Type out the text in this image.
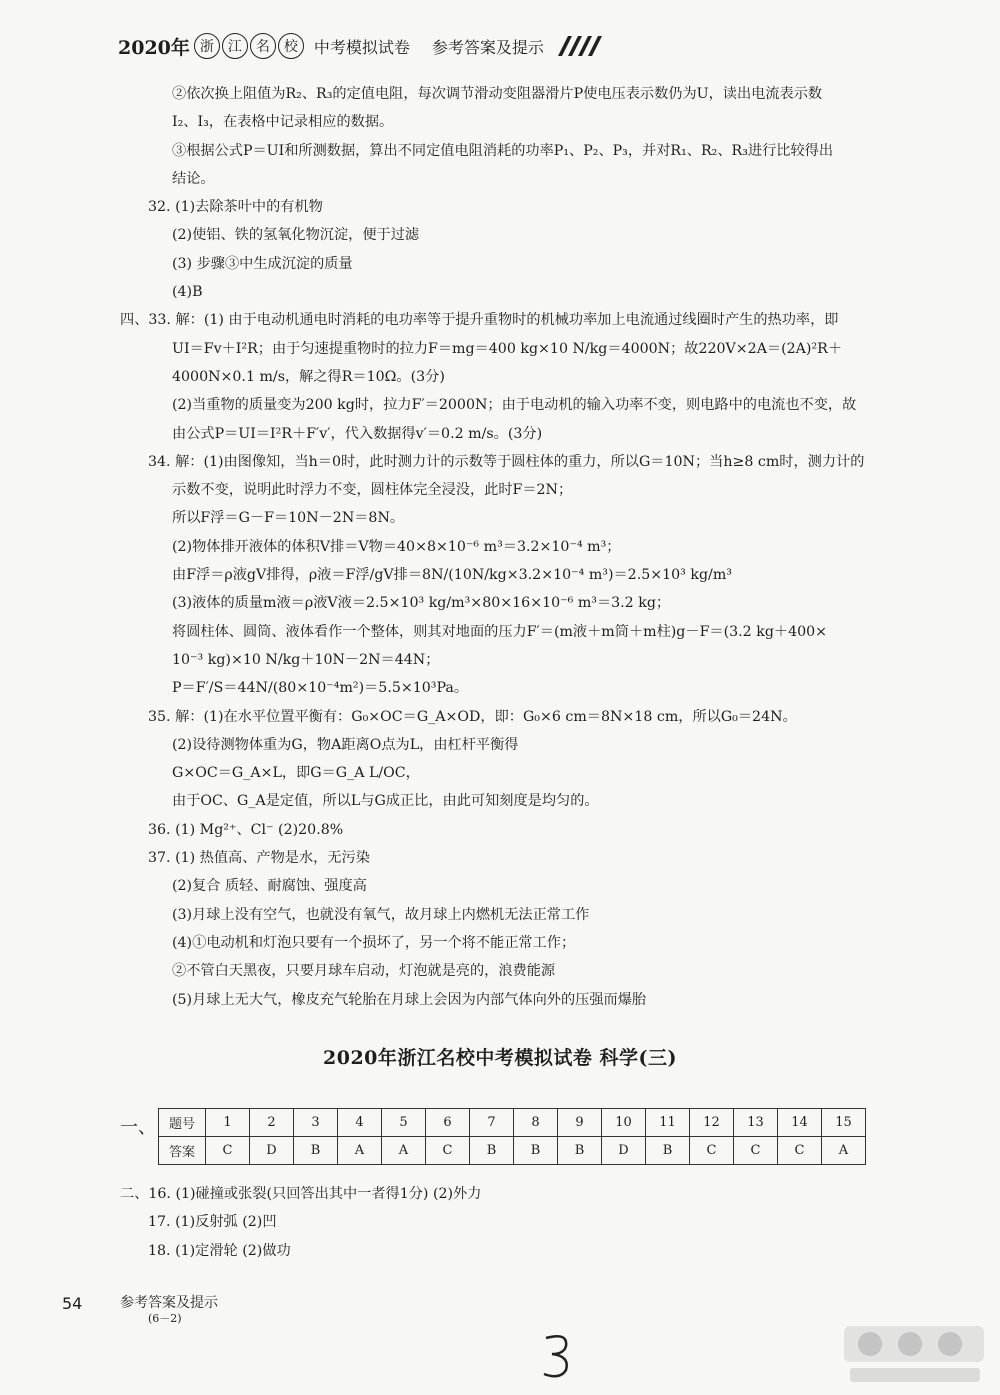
2020年 浙	江	名	校	中考模拟试卷 参考答案及提示
②依次换上阻值为R₂、R₃的定值电阻，每次调节滑动变阻器滑片P使电压表示数仍为U，读出电流表示数
I₂、I₃，在表格中记录相应的数据。
③根据公式P＝UI和所测数据，算出不同定值电阻消耗的功率P₁、P₂、P₃，并对R₁、R₂、R₃进行比较得出
结论。
32. (1)去除茶叶中的有机物
(2)使铝、铁的氢氧化物沉淀，便于过滤
(3) 步骤③中生成沉淀的质量
(4)B
四、33. 解：(1) 由于电动机通电时消耗的电功率等于提升重物时的机械功率加上电流通过线圈时产生的热功率，即
UI＝Fv＋I²R；由于匀速提重物时的拉力F＝mg＝400 kg×10 N/kg＝4000N；故220V×2A＝(2A)²R＋
4000N×0.1 m/s，解之得R＝10Ω。(3分)
(2)当重物的质量变为200 kg时，拉力F′＝2000N；由于电动机的输入功率不变，则电路中的电流也不变，故
由公式P＝UI＝I²R＋F′v′，代入数据得v′＝0.2 m/s。(3分)
34. 解：(1)由图像知，当h＝0时，此时测力计的示数等于圆柱体的重力，所以G＝10N；当h≥8 cm时，测力计的
示数不变，说明此时浮力不变，圆柱体完全浸没，此时F＝2N；
所以F浮＝G－F＝10N－2N＝8N。
(2)物体排开液体的体积V排＝V物＝40×8×10⁻⁶ m³＝3.2×10⁻⁴ m³；
由F浮＝ρ液gV排得，ρ液＝F浮/gV排＝8N/(10N/kg×3.2×10⁻⁴ m³)＝2.5×10³ kg/m³
(3)液体的质量m液＝ρ液V液＝2.5×10³ kg/m³×80×16×10⁻⁶ m³＝3.2 kg；
将圆柱体、圆筒、液体看作一个整体，则其对地面的压力F′＝(m液＋m筒＋m柱)g－F＝(3.2 kg＋400×
10⁻³ kg)×10 N/kg＋10N－2N＝44N；
P＝F′/S＝44N/(80×10⁻⁴m²)＝5.5×10³Pa。
35. 解：(1)在水平位置平衡有：G₀×OC＝G_A×OD，即：G₀×6 cm＝8N×18 cm，所以G₀＝24N。
(2)设待测物体重为G，物A距离O点为L，由杠杆平衡得
G×OC＝G_A×L，即G＝G_A L/OC，
由于OC、G_A是定值，所以L与G成正比，由此可知刻度是均匀的。
36. (1) Mg²⁺、Cl⁻ (2)20.8%
37. (1) 热值高、产物是水，无污染
(2)复合 质轻、耐腐蚀、强度高
(3)月球上没有空气，也就没有氧气，故月球上内燃机无法正常工作
(4)①电动机和灯泡只要有一个损坏了，另一个将不能正常工作；
②不管白天黑夜，只要月球车启动，灯泡就是亮的，浪费能源
(5)月球上无大气，橡皮充气轮胎在月球上会因为内部气体向外的压强而爆胎
2020年浙江名校中考模拟试卷 科学(三)
一、 题号	1	2	3	4	5	6	7	8	9	10	11	12	13	14	15
答案	C	D	B	A	A	C	B	B	B	D	B	C	C	C	A
二、16. (1)碰撞或张裂(只回答出其中一者得1分) (2)外力
17. (1)反射弧 (2)凹
18. (1)定滑轮 (2)做功
54	参考答案及提示
(6－2)
